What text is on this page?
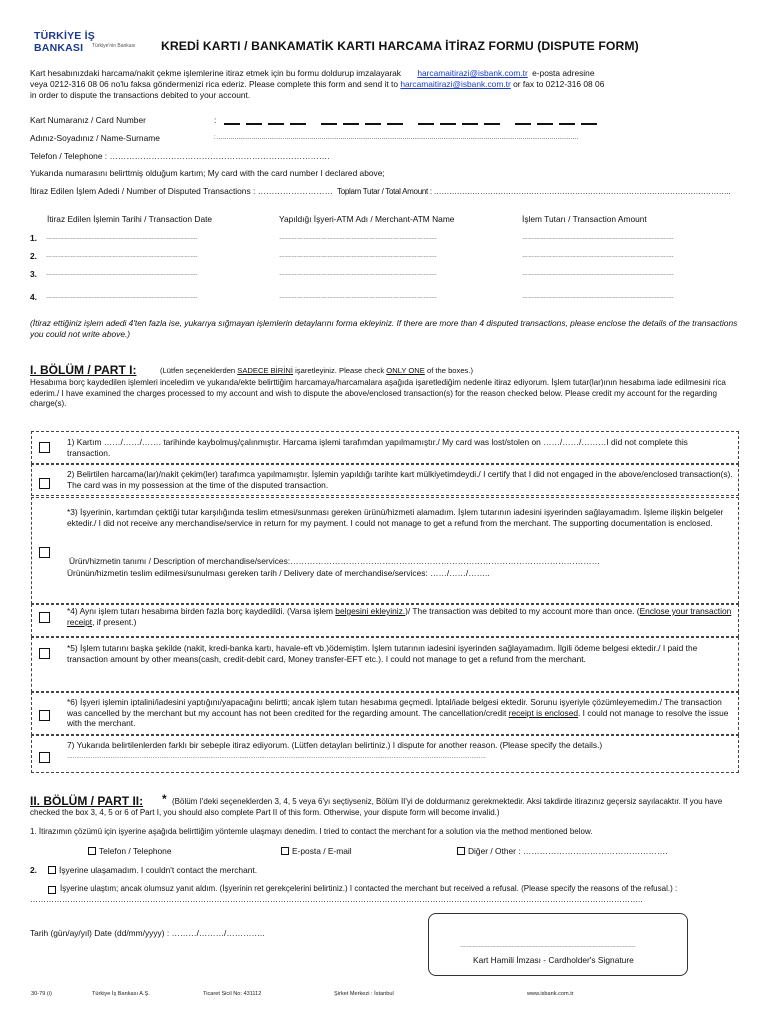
TÜRKİYE İŞ BANKASI	Türkiye'nin Bankası KREDİ KARTI / BANKAMATİK KARTI HARCAMA İTİRAZ FORMU (DISPUTE FORM)
Kart hesabınızdaki harcama/nakit çekme işlemlerine itiraz etmek için bu formu doldurup imzalayarak harcamaitirazi@isbank.com.tr e-posta adresine
veya 0212-316 08 06 no'lu faksa göndermenizi rica ederiz. Please complete this form and send it to harcamaitirazi@isbank.com.tr or fax to 0212-316 08 06
in order to dispute the transactions debited to your account.
Kart Numaranız / Card Number	:
Adınız-Soyadınız / Name-Surname	: …………………………………………………………………………………………………………………………………………………………………….
Telefon / Telephone : …………………………………………………………………….
Yukarıda numarasını belirttmiş olduğum kartım; My card with the card number I declared above;
İtiraz Edilen İşlem Adedi / Number of Disputed Transactions : ……………………… Toplam Tutar / Total Amount : ……………………………………………………………………………………………………..
İtiraz Edilen İşlemin Tarihi / Transaction Date	Yapıldığı İşyeri-ATM Adı / Merchant-ATM Name	İşlem Tutarı / Transaction Amount
1. ………………………………………………………………….	…………………………………………………………………….	………………………………………………………………….
2. ………………………………………………………………….	…………………………………………………………………….	………………………………………………………………….
3. ………………………………………………………………….	…………………………………………………………………….	………………………………………………………………….
4. ………………………………………………………………….	…………………………………………………………………….	………………………………………………………………….
(İtiraz ettiğiniz işlem adedi 4'ten fazla ise, yukarıya sığmayan işlemlerin detaylarını forma ekleyiniz. If there are more than 4 disputed transactions, please enclose the details of the transactions you could not write above.)
I. BÖLÜM / PART I:	(Lütfen seçeneklerden SADECE BİRİNİ işaretleyiniz. Please check ONLY ONE of the boxes.)
Hesabıma borç kaydedilen işlemleri inceledim ve yukarıda/ekte belirttiğim harcamaya/harcamalara aşağıda işaretlediğim nedenle itiraz ediyorum. İşlem tutar(lar)ının hesabıma iade edilmesini rica ederim./ I have examined the charges processed to my account and wish to dispute the above/enclosed transaction(s) for the reason checked below. Please credit my account for the regarding charge(s).
1) Kartım ……/……/……. tarihinde kaybolmuş/çalınmıştır. Harcama işlemi tarafımdan yapılmamıştır./ My card was lost/stolen on ……/……/………I did not complete this transaction.
2) Belirtilen harcama(lar)/nakit çekim(ler) tarafımca yapılmamıştır. İşlemin yapıldığı tarihte kart mülkiyetimdeydi./ I certify that I did not engaged in the above/enclosed transaction(s). The card was in my possession at the time of the disputed transaction.
*3) İşyerinin, kartımdan çektiği tutar karşılığında teslim etmesi/sunması gereken ürünü/hizmeti alamadım. İşlem tutarının iadesini işyerinden sağlayamadım. İşleme ilişkin belgeler ektedir./ I did not receive any merchandise/service in return for my payment. I could not manage to get a refund from the merchant. The supporting documentation is enclosed.
Ürün/hizmetin tanımı / Description of merchandise/services:…………………………………………………………………………………………………
Ürünün/hizmetin teslim edilmesi/sunulması gereken tarih / Delivery date of merchandise/services: ……/……/……..
*4) Aynı işlem tutarı hesabıma birden fazla borç kaydedildi. (Varsa işlem belgesini ekleyiniz.)/ The transaction was debited to my account more than once. (Enclose your transaction receipt, if present.)
*5) İşlem tutarını başka şekilde (nakit, kredi-banka kartı, havale-eft vb.)ödemiştim. İşlem tutarının iadesini işyerinden sağlayamadım. İlgili ödeme belgesi ektedir./ I paid the transaction amount by other means(cash, credit-debit card, Money transfer-EFT etc.). I could not manage to get a refund from the merchant.
*6) İşyeri işlemin iptalini/iadesini yaptığını/yapacağını belirtti; ancak işlem tutarı hesabıma geçmedi. İptal/iade belgesi ektedir. Sorunu işyeriyle çözümleyemedim./ The transaction was cancelled by the merchant but my account has not been credited for the regarding amount. The cancellation/credit receipt is enclosed. I could not manage to resolve the issue with the merchant.
7) Yukarıda belirtilenlerden farklı bir sebeple itiraz ediyorum. (Lütfen detayları belirtiniz.) I dispute for another reason. (Please specify the details.)
……………………………………………………………………………………………………………………………………………………………………………………………………………
II. BÖLÜM / PART II: * (Bölüm I'deki seçeneklerden 3, 4, 5 veya 6'yı seçtiyseniz, Bölüm II'yi de doldurmanız gerekmektedir. Aksi takdirde itirazınız geçersiz sayılacaktır. If you have checked the box 3, 4, 5 or 6 of Part I, you should also complete Part II of this form. Otherwise, your dispute form will become invalid.)
1. İtirazımın çözümü için işyerine aşağıda belirttiğim yöntemle ulaşmayı denedim. I tried to contact the merchant for a solution via the method mentioned below.
Telefon / Telephone	E-posta / E-mail	Diğer / Other : …………………………………………….
2.	İşyerine ulaşamadım. I couldn't contact the merchant.
İşyerine ulaştım; ancak olumsuz yanıt aldım. (İşyerinin ret gerekçelerini belirtiniz.) I contacted the merchant but received a refusal. (Please specify the reasons of the refusal.) : …………………………………………………………………………………………………………………………………………………………………………………………………………..
Tarih (gün/ay/yıl) Date (dd/mm/yyyy) : ………/………/…………..
…………………………………………………………………………….
Kart Hamili İmzası - Cardholder's Signature
30-79 (i)	Türkiye İş Bankası A.Ş.	Ticaret Sicil No: 431112	Şirket Merkezi : İstanbul	www.isbank.com.tr
